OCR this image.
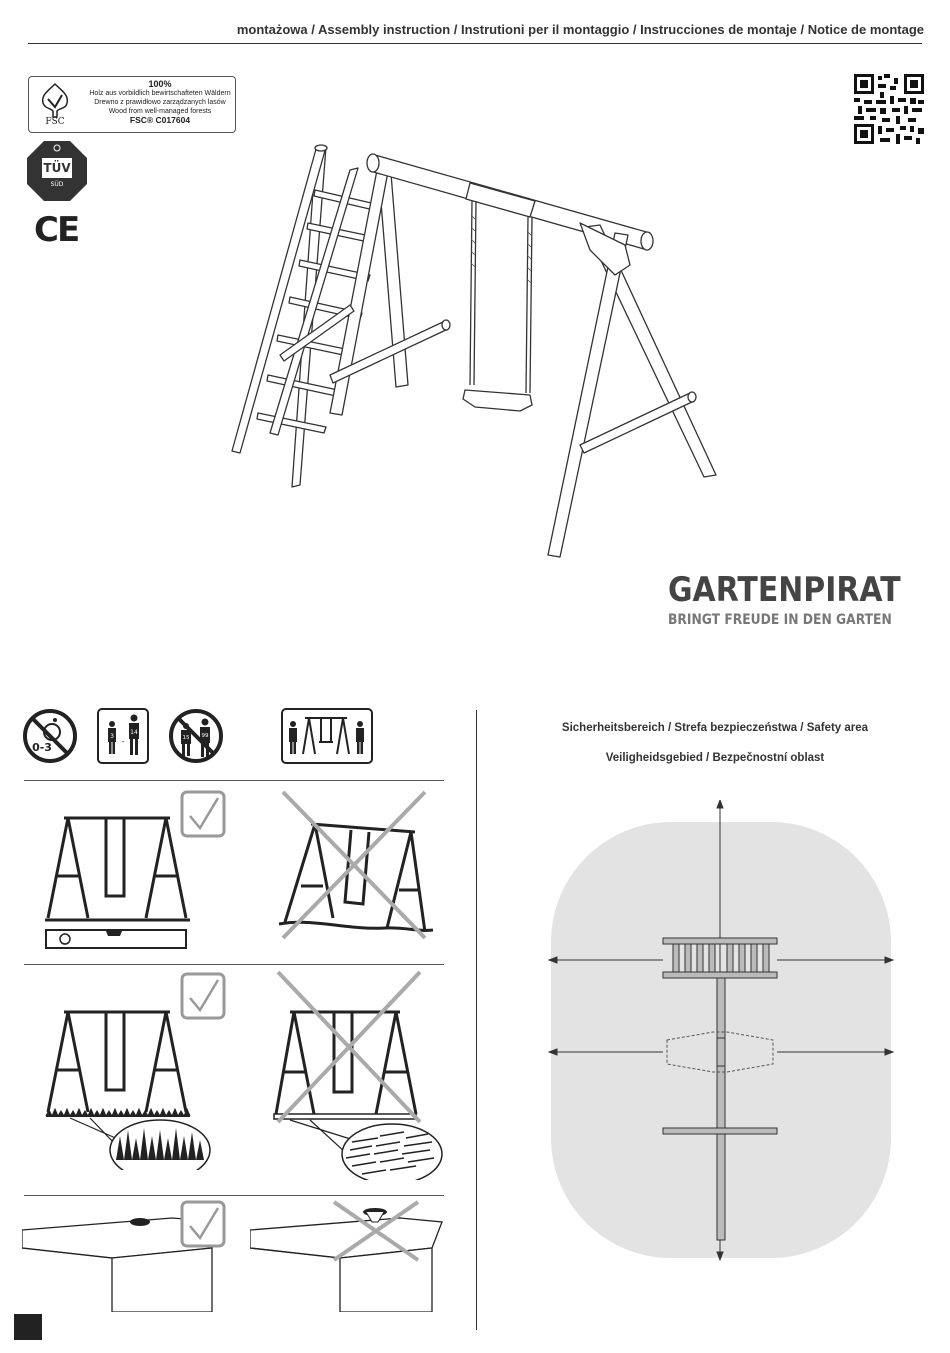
montażowa / Assembly instruction / Instrutioni per il montaggio / Instrucciones de montaje / Notice de montage
FSC
100%
Holz aus vorbildlich bewirtschafteten Wäldern
Drewno z prawidłowo zarządzanych lasów
Wood from well-managed forests
FSC® C017604
TÜV
SÜD
CE
GARTENPIRAT
BRINGT FREUDE IN DEN GARTEN
0-3
3
-
14
15 99
Sicherheitsbereich / Strefa bezpieczeństwa / Safety area
Veiligheidsgebied / Bezpečnostní oblast
